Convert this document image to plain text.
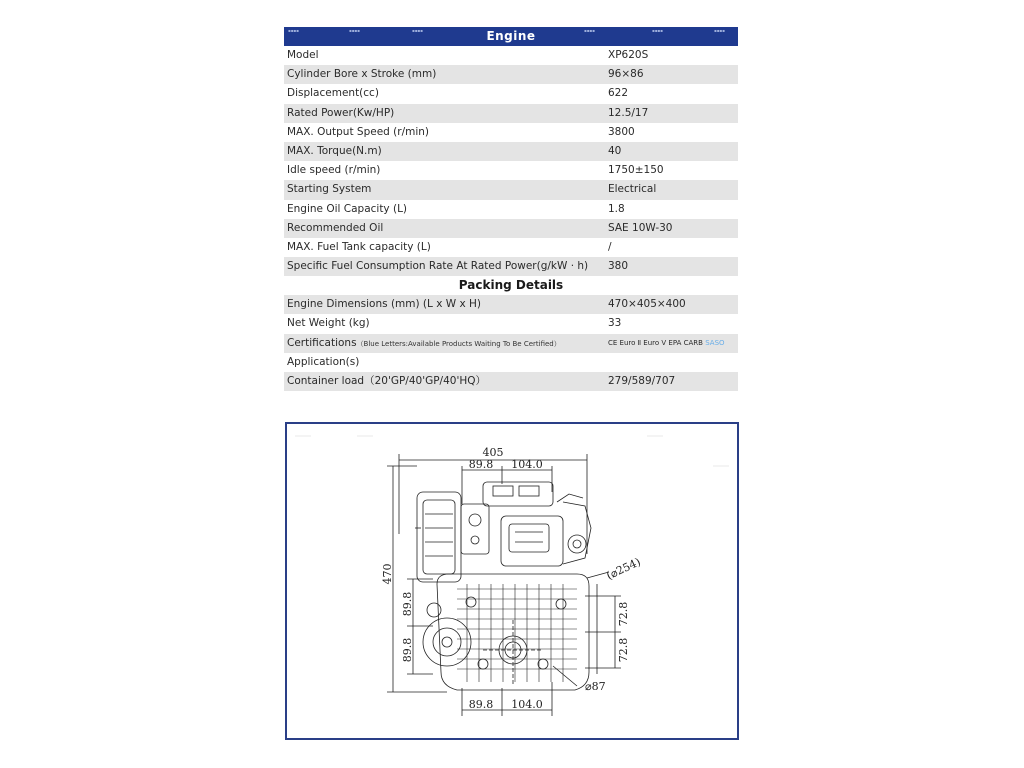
▪▪▪▪	▪▪▪▪	▪▪▪▪	▪▪▪▪	▪▪▪▪	▪▪▪▪
Engine
Model	XP620S
Cylinder Bore x Stroke (mm)	96×86
Displacement(cc)	622
Rated Power(Kw/HP)	12.5/17
MAX. Output Speed (r/min)	3800
MAX. Torque(N.m)	40
Idle speed (r/min)	1750±150
Starting System	Electrical
Engine Oil Capacity (L)	1.8
Recommended Oil	SAE 10W-30
MAX. Fuel Tank capacity (L)	/
Specific Fuel Consumption Rate At Rated Power(g/kW · h)	380
Packing Details
Engine Dimensions (mm) (L x W x H)	470×405×400
Net Weight (kg)	33
Certifications（Blue Letters:Available Products Waiting To Be Certified）	CE Euro Ⅱ Euro V EPA CARB SASO
Application(s)
Container load（20'GP/40'GP/40'HQ）	279/589/707
405
89.8 104.0
470
89.8
89.8
72.8
72.8
89.8 104.0
(⌀254)
⌀87
